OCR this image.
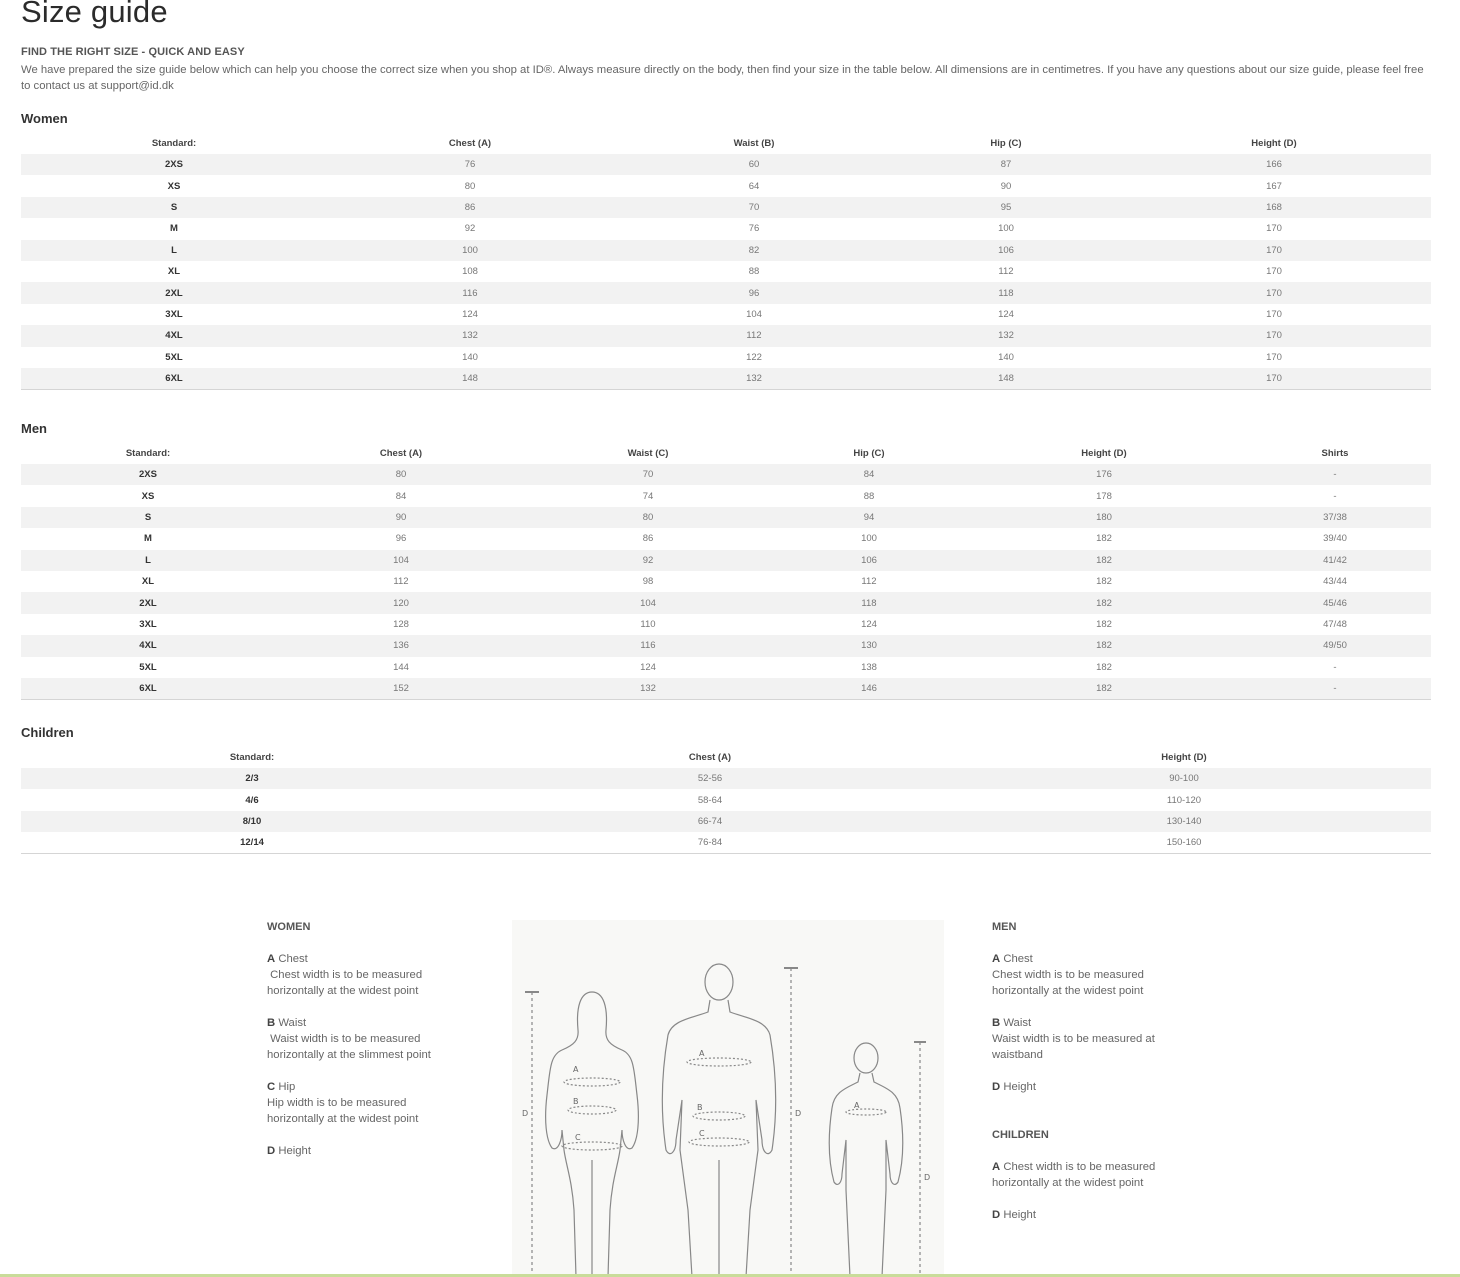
Size guide
FIND THE RIGHT SIZE - QUICK AND EASY
We have prepared the size guide below which can help you choose the correct size when you shop at ID®. Always measure directly on the body, then find your size in the table below. All dimensions are in centimetres. If you have any questions about our size guide, please feel free to contact us at support@id.dk
Women
Standard:	Chest (A)	Waist (B)	Hip (C)	Height (D)
2XS	76	60	87	166
XS	80	64	90	167
S	86	70	95	168
M	92	76	100	170
L	100	82	106	170
XL	108	88	112	170
2XL	116	96	118	170
3XL	124	104	124	170
4XL	132	112	132	170
5XL	140	122	140	170
6XL	148	132	148	170
Men
Standard:	Chest (A)	Waist (C)	Hip (C)	Height (D)	Shirts
2XS	80	70	84	176	-
XS	84	74	88	178	-
S	90	80	94	180	37/38
M	96	86	100	182	39/40
L	104	92	106	182	41/42
XL	112	98	112	182	43/44
2XL	120	104	118	182	45/46
3XL	128	110	124	182	47/48
4XL	136	116	130	182	49/50
5XL	144	124	138	182	-
6XL	152	132	146	182	-
Children
Standard:	Chest (A)	Height (D)
2/3	52-56	90-100
4/6	58-64	110-120
8/10	66-74	130-140
12/14	76-84	150-160
WOMEN
A Chest
Chest width is to be measured horizontally at the widest point
B Waist
Waist width is to be measured horizontally at the slimmest point
C Hip
Hip width is to be measured horizontally at the widest point
D Height
A
B
C
D
A
B
C
D
A
D
MEN
A Chest
Chest width is to be measured horizontally at the widest point
B Waist
Waist width is to be measured at waistband
D Height
CHILDREN
A Chest width is to be measured horizontally at the widest point
D Height
